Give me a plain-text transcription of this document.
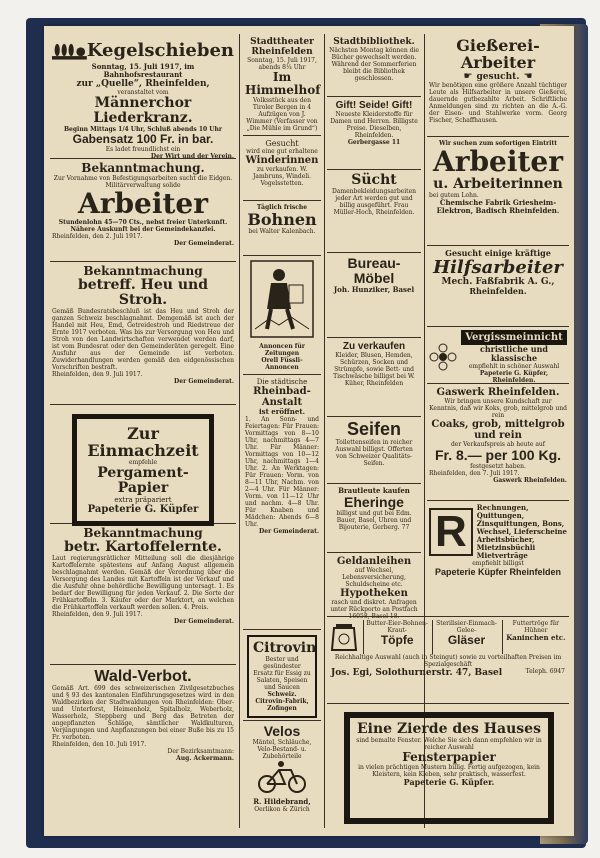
Kegelschieben
Sonntag, 15. Juli 1917, im Bahnhofsrestaurant
zur „Quelle“, Rheinfelden,
veranstaltet vom
Männerchor Liederkranz.
Beginn Mittags 1/4 Uhr, Schluß abends 10 Uhr
Gabensatz 100 Fr. in bar.
Es ladet freundlichst ein
Der Wirt und der Verein.
Bekanntmachung.
Zur Vornahme von Befestigungsarbeiten sucht die Eidgen. Militärverwaltung solide
Arbeiter
Stundenlohn 45—70 Cts., nebst freier Unterkunft. Nähere Auskunft bei der Gemeindekanzlei.
Rheinfelden, den 2. Juli 1917.
Der Gemeinderat.
Bekanntmachung
betreff. Heu und Stroh.
Gemäß Bundesratsbeschluß ist das Heu und Stroh der ganzen Schweiz beschlagnahmt. Demgemäß ist auch der Handel mit Heu, Emd, Getreidestroh und Riedstreue der Ernte 1917 verboten. Was bis zur Versorgung von Heu und Stroh von den Landwirtschaften verwendet werden darf, ist vom Bundesrat oder den Gemeinderäten geregelt. Eine Ausfuhr aus der Gemeinde ist verboten. Zuwiderhandlungen werden gemäß den eidgenössischen Vorschriften bestraft.
Rheinfelden, den 9. Juli 1917.
Der Gemeinderat.
Zur Einmachzeit
empfehle
Pergament-Papier
extra präpariert
Papeterie G. Küpfer
Bekanntmachung
betr. Kartoffelernte.
Laut regierungsrätlicher Mitteilung soll die diesjährige Kartoffelernte spätestens auf Anfang August allgemein beschlagnahmt werden. Gemäß der Verordnung über die Versorgung des Landes mit Kartoffeln ist der Verkauf und die Ausfuhr ohne behördliche Bewilligung untersagt. 1. Es bedarf der Bewilligung für jeden Verkauf. 2. Die Sorte der Frühkartoffeln. 3. Käufer oder der Marktort, an welchen die Frühkartoffeln verkauft werden sollen. 4. Preis.
Rheinfelden, den 9. Juli 1917.
Der Gemeinderat.
Wald-Verbot.
Gemäß Art. 699 des schweizerischen Zivilgesetzbuches und § 93 des kantonalen Einführungsgesetzes wird in den Waldbezirken der Stadtwaldungen von Rheinfelden: Ober- und Unterforst, Heimenholz, Spitalholz, Weberholz, Wasserholz, Steppberg und Berg das Betreten der angepflanzten Schläge, sämtlicher Waldkulturen, Verjüngungen und Anpflanzungen bei einer Buße bis zu 15 Fr. verboten.
Rheinfelden, den 10. Juli 1917.
Der Bezirksamtmann:
Aug. Ackermann.
Stadttheater Rheinfelden
Sonntag, 15. Juli 1917, abends 8¼ Uhr
Im Himmelhof
Volksstück aus den Tiroler Bergen in 4 Aufzügen von J. Wimmer (Verfasser von „Die Mühle im Grund“)
Gesucht
wird eine gut erhaltene
Winderinnen
zu verkaufen. W. Jambruns, Windeli. Vogelsstetten.
Täglich frische
Bohnen
bei Walter Kalenbach.
Annoncen für Zeitungen
Orell Füssli-Annoncen
Die städtische
Rheinbad-Anstalt
ist eröffnet.
1. An Sonn- und Feiertagen: Für Frauen: Vormittags von 8—10 Uhr, nachmittags 4—7 Uhr. Für Männer: Vormittags von 10—12 Uhr, nachmittags 1—4 Uhr. 2. An Werktagen: Für Frauen: Vorm. von 8—11 Uhr, Nachm. von 2—4 Uhr. Für Männer: Vorm. von 11—12 Uhr und nachm. 4—8 Uhr. Für Knaben und Mädchen: Abends 6—8 Uhr.
Der Gemeinderat.
Citrovin
Bester und gesündester Ersatz für Essig zu Salaten, Speisen und Saucen
Schweiz. Citrovin-Fabrik, Zofingen
Velos
Mäntel, Schläuche, Velo-Bestand- u. Zubehörteile
R. Hildebrand,
Oerlikon & Zürich
Stadtbibliothek.
Nächsten Montag können die Bücher gewechselt werden. Während der Sommerferien bleibt die Bibliothek geschlossen.
Gift! Seide! Gift!
Neueste Kleiderstoffe für Damen und Herren. Billigste Preise. Dieselben, Rheinfelden.
Gerbergasse 11
Sücht
Damenbekleidungsarbeiten jeder Art werden gut und billig ausgeführt. Frau Müller-Hoch, Rheinfelden.
Bureau-
Möbel
Joh. Hunziker, Basel
Zu verkaufen
Kleider, Blusen, Hemden, Schürzen, Socken und Strümpfe, sowie Bett- und Tischwäsche billigst bei W. Küher, Rheinfelden
Seifen
Toilettenseifen in reicher Auswahl billigst. Offerten von Schweizer Qualitäts-Seifen.
Brautleute kaufen
Eheringe
billigst und gut bei Edm. Bauer, Basel, Uhren und Bijouterie, Gerberg. 77
Geldanleihen
auf Wechsel, Lebensversicherung, Schuldscheine etc.
Hypotheken
rasch und diskret. Anfragen unter Rückporto an Postfach 16058, Basel 18.
Gießerei-Arbeiter
☛ gesucht. ☚
Wir benötigen eine größere Anzahl tüchtiger Leute als Hilfsarbeiter in unsere Gießerei, dauernde gutbezahlte Arbeit. Schriftliche Anmeldungen sind zu richten an die A.-G. der Eisen- und Stahlwerke vorm. Georg Fischer, Schaffhausen.
Wir suchen zum sofortigen Eintritt
Arbeiter
u. Arbeiterinnen
bei gutem Lohn.
Chemische Fabrik Griesheim-Elektron, Badisch Rheinfelden.
Gesucht einige kräftige
Hilfsarbeiter
Mech. Faßfabrik A. G.,
Rheinfelden.
Vergissmeinnicht
christliche und klassische
empfiehlt in schöner Auswahl
Papeterie G. Küpfer, Rheinfelden.
Gaswerk Rheinfelden.
Wir bringen unsere Kundschaft zur Kenntnis, daß wir Koks, grob, mittelgrob und rein
Coaks, grob, mittelgrob und rein
der Verkaufspreis ab heute auf
Fr. 8.— per 100 Kg.
festgesetzt haben.
Rheinfelden, den 7. Juli 1917.
Gaswerk Rheinfelden.
R	Rechnungen, Quittungen, Zinsquittungen, Bons, Wechsel, Lieferscheine Arbeitsbücher, Mietzinsbüchli Mietverträge
empfiehlt billigst
Papeterie Küpfer Rheinfelden
Butter-Eier-Bohnen-Kraut-
Töpfe
Sterilisier-Einmach-Gelee-
Gläser
Futtertröge für Hühner
Kaninchen etc.
Reichhaltige Auswahl (auch in Steingut) sowie zu vorteilhaften Preisen im Spezialgeschäft
Jos. Egi, Solothurnerstr. 47, Basel	Teleph. 6947
Eine Zierde des Hauses
sind bemalte Fenster. Welche Sie sich dann empfehlen wir in reicher Auswahl
Fensterpapier
in vielen prächtigen Mustern billig. Fertig aufgezogen, kein Kleistern, kein Kleben, sehr praktisch, wasserfest.
Papeterie G. Küpfer.
